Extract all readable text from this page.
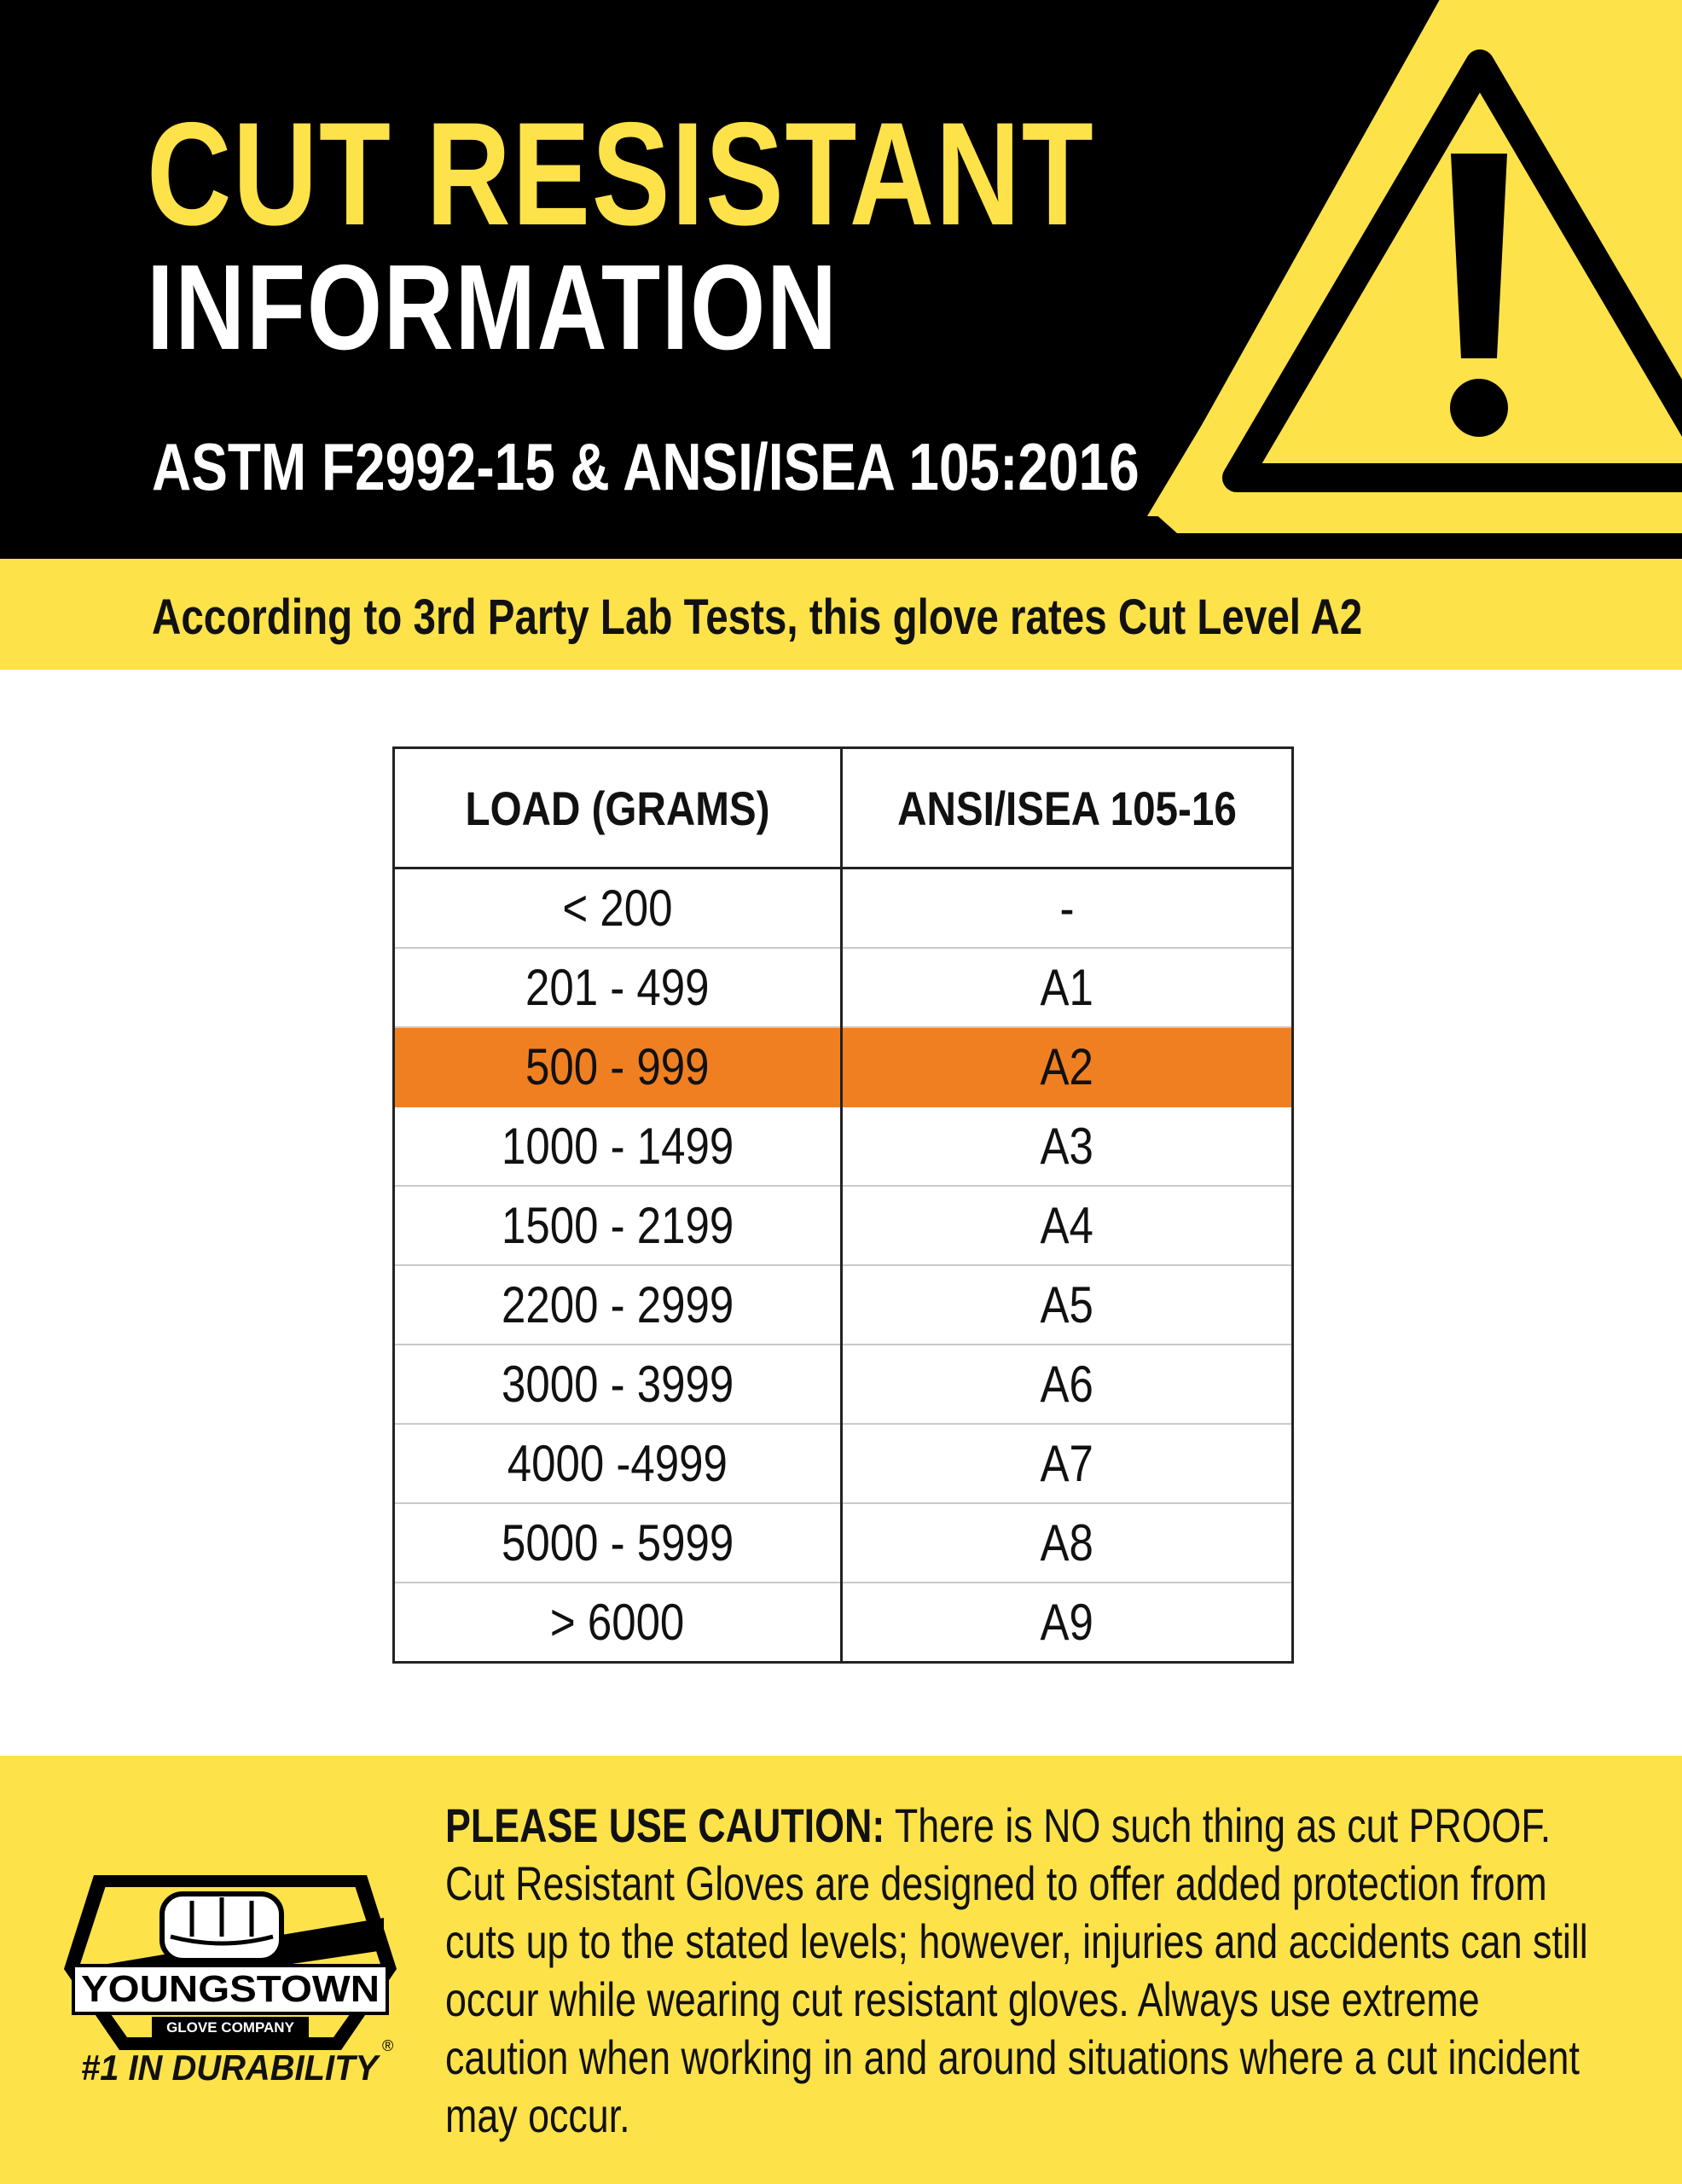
CUT RESISTANT
INFORMATION
ASTM F2992-15 & ANSI/ISEA 105:2016
According to 3rd Party Lab Tests, this glove rates Cut Level A2
LOAD (GRAMS)	ANSI/ISEA 105-16
< 200	-
201 - 499	A1
500 - 999	A2
1000 - 1499	A3
1500 - 2199	A4
2200 - 2999	A5
3000 - 3999	A6
4000 -4999	A7
5000 - 5999	A8
> 6000	A9
YOUNGSTOWN
GLOVE COMPANY
®
#1 IN DURABILITY
PLEASE USE CAUTION: There is NO such thing as cut PROOF. Cut Resistant Gloves are designed to offer added protection from cuts up to the stated levels; however, injuries and accidents can still occur while wearing cut resistant gloves. Always use extreme caution when working in and around situations where a cut incident may occur.
